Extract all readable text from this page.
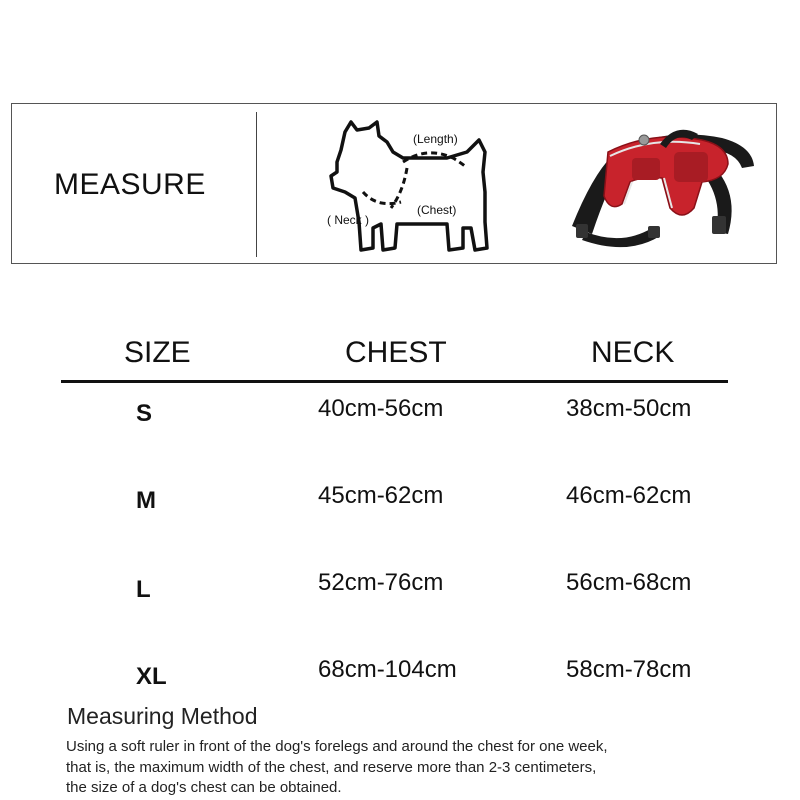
MEASURE
(Length)
( Neck )
(Chest)
SIZE	CHEST	NECK
S	40cm-56cm	38cm-50cm
M	45cm-62cm	46cm-62cm
L	52cm-76cm	56cm-68cm
XL	68cm-104cm	58cm-78cm
Measuring Method
Using a soft ruler in front of the dog's forelegs and around the chest for one week,
that is, the maximum width of the chest, and reserve more than 2-3 centimeters,
the size of a dog's chest can be obtained.
